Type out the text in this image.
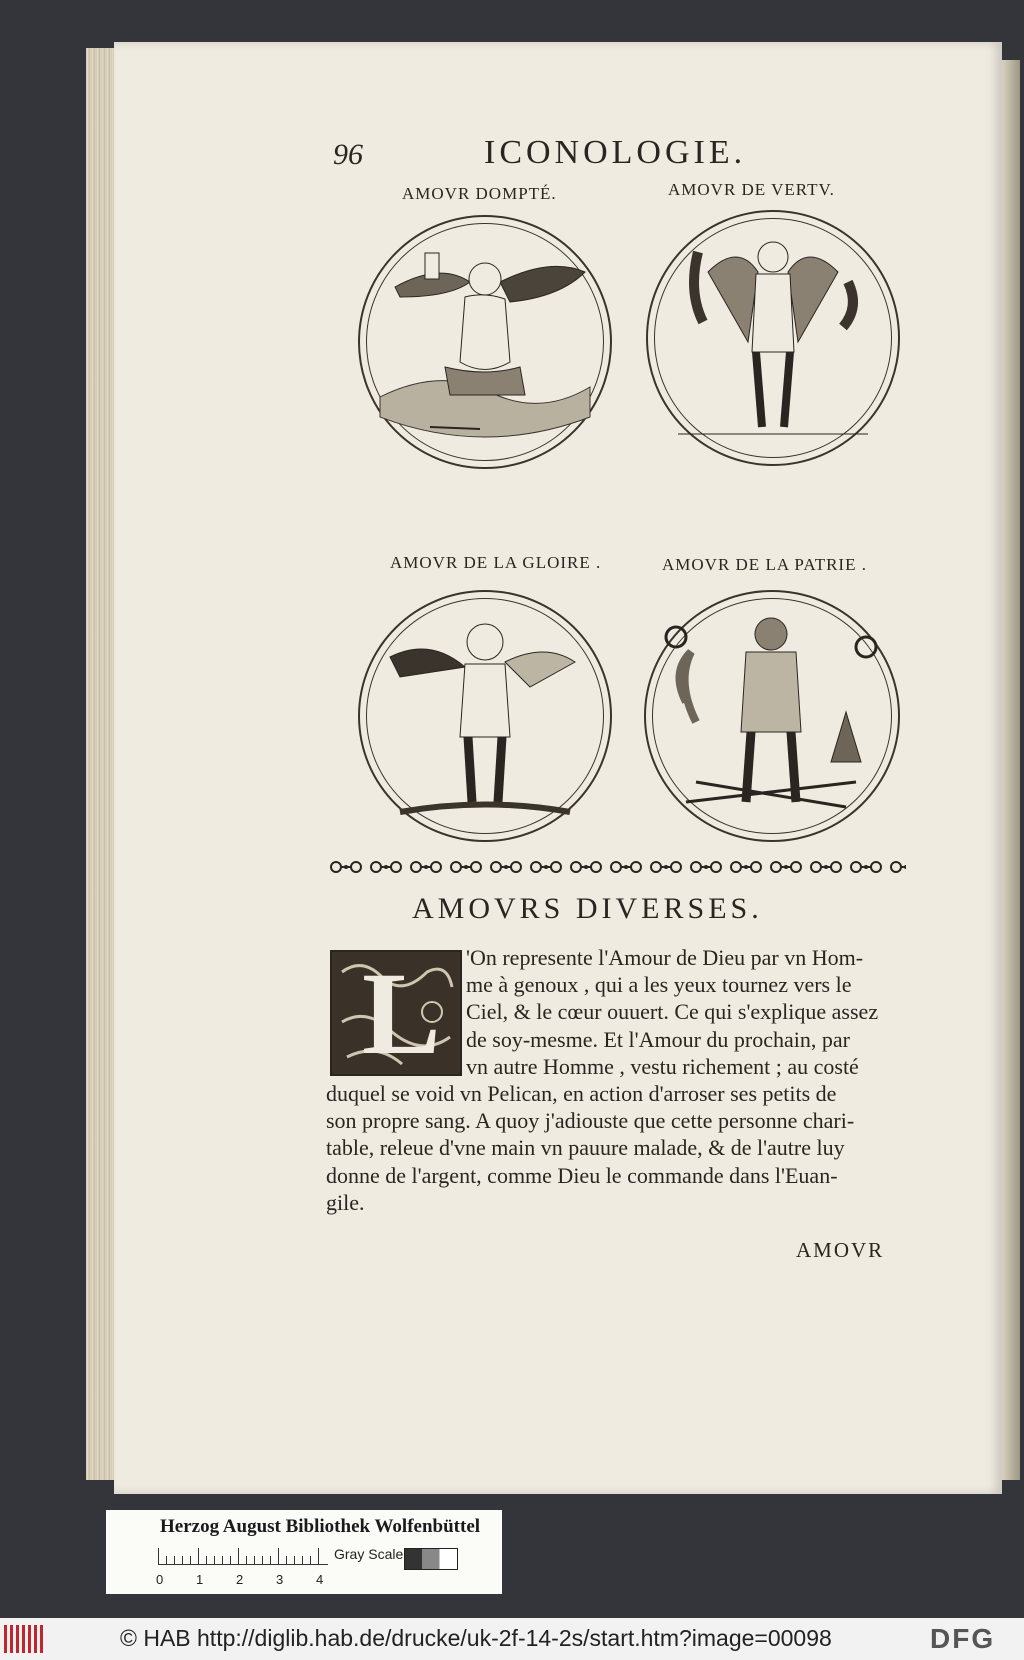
96	ICONOLOGIE.
AMOVR DOMPTÉ.	AMOVR DE VERTV.
AMOVR DE LA GLOIRE .	AMOVR DE LA PATRIE .
AMOVRS DIVERSES.
L	'On represente l'Amour de Dieu par vn Hom-
me à genoux , qui a les yeux tournez vers le
Ciel, & le cœur ouuert. Ce qui s'explique assez
de soy-mesme. Et l'Amour du prochain, par
vn autre Homme , vestu richement ; au costé
duquel se void vn Pelican, en action d'arroser ses petits de
son propre sang. A quoy j'adiouste que cette personne chari-
table, releue d'vne main vn pauure malade, & de l'autre luy
donne de l'argent, comme Dieu le commande dans l'Euan-
gile.
AMOVR
Herzog August Bibliothek Wolfenbüttel
0	1	2	3	4
Gray Scale
© HAB http://diglib.hab.de/drucke/uk-2f-14-2s/start.htm?image=00098	DFG
